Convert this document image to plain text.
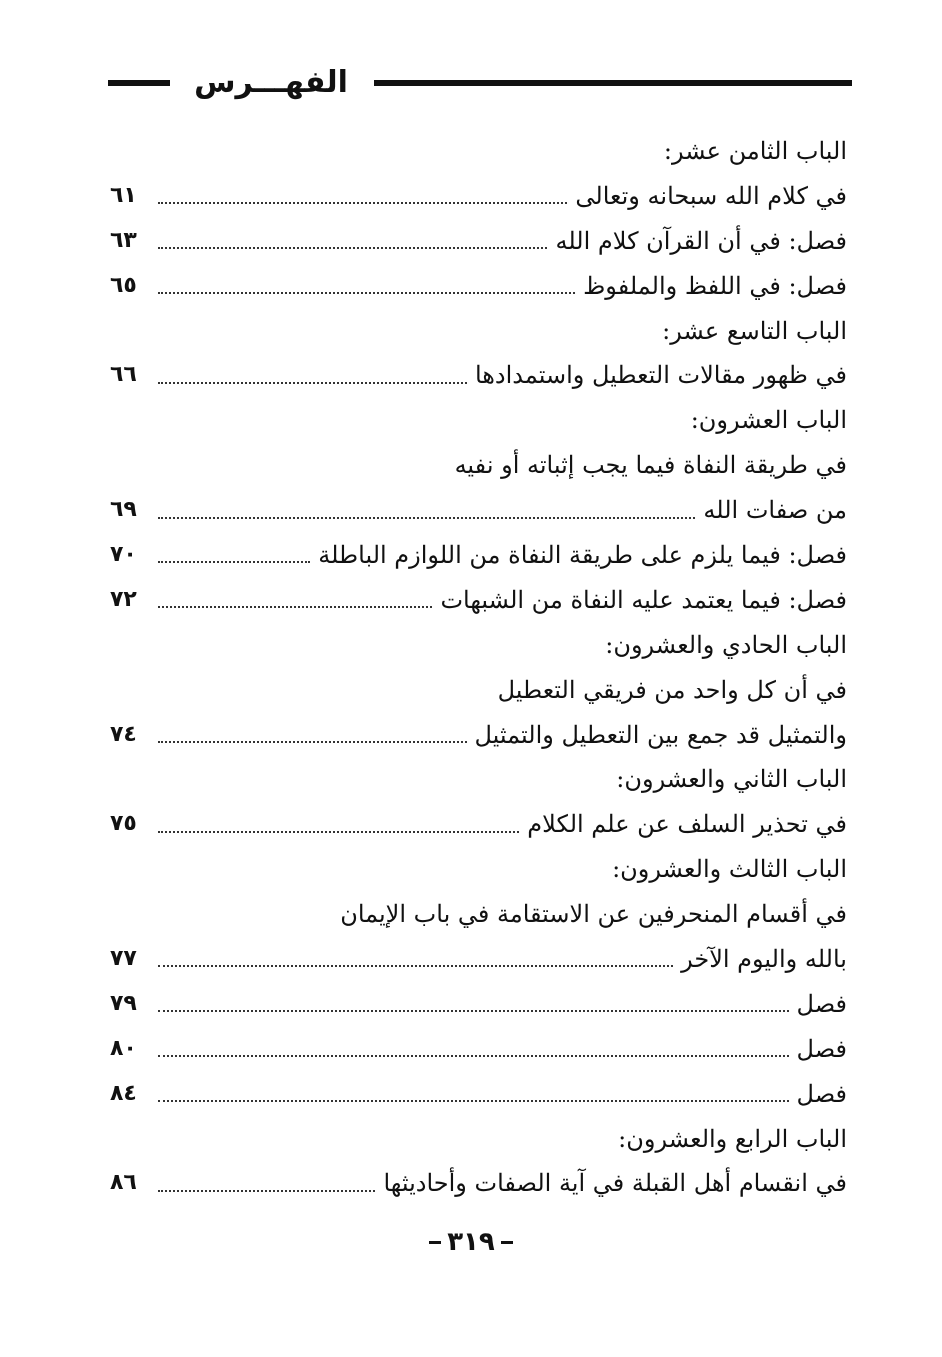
الفهـــرس
الباب الثامن عشر:
في كلام الله سبحانه وتعالى
٦١
فصل: في أن القرآن كلام الله
٦٣
فصل: في اللفظ والملفوظ
٦٥
الباب التاسع عشر:
في ظهور مقالات التعطيل واستمدادها
٦٦
الباب العشرون:
في طريقة النفاة فيما يجب إثباته أو نفيه
من صفات الله
٦٩
فصل: فيما يلزم على طريقة النفاة من اللوازم الباطلة
٧٠
فصل: فيما يعتمد عليه النفاة من الشبهات
٧٢
الباب الحادي والعشرون:
في أن كل واحد من فريقي التعطيل
والتمثيل قد جمع بين التعطيل والتمثيل
٧٤
الباب الثاني والعشرون:
في تحذير السلف عن علم الكلام
٧٥
الباب الثالث والعشرون:
في أقسام المنحرفين عن الاستقامة في باب الإيمان
بالله واليوم الآخر
٧٧
فصل
٧٩
فصل
٨٠
فصل
٨٤
الباب الرابع والعشرون:
في انقسام أهل القبلة في آية الصفات وأحاديثها
٨٦
٣١٩
